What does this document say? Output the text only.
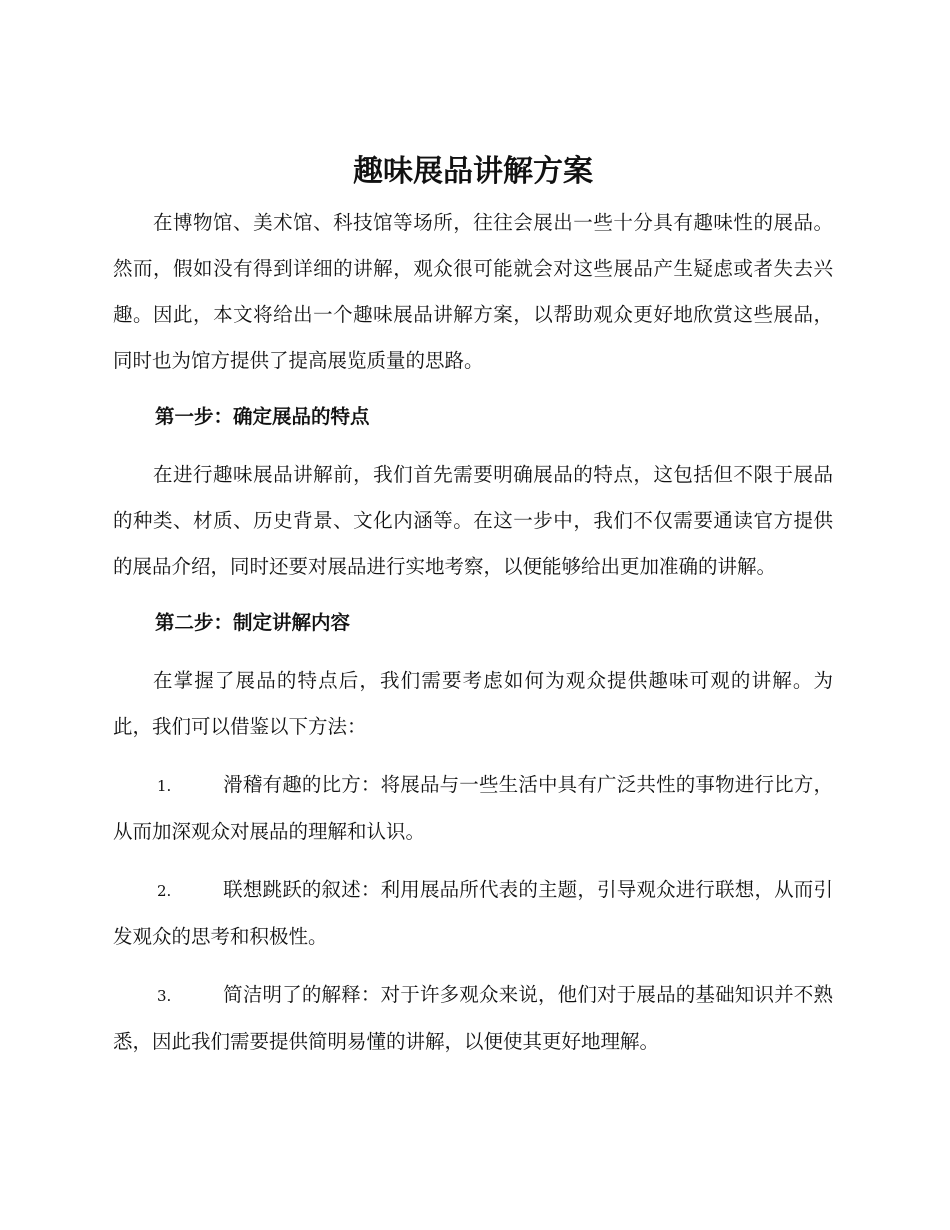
趣味展品讲解方案

在博物馆、美术馆、科技馆等场所，往往会展出一些十分具有趣味性的展品。然而，假如没有得到详细的讲解，观众很可能就会对这些展品产生疑虑或者失去兴趣。因此，本文将给出一个趣味展品讲解方案，以帮助观众更好地欣赏这些展品，同时也为馆方提供了提高展览质量的思路。

第一步：确定展品的特点

在进行趣味展品讲解前，我们首先需要明确展品的特点，这包括但不限于展品的种类、材质、历史背景、文化内涵等。在这一步中，我们不仅需要通读官方提供的展品介绍，同时还要对展品进行实地考察，以便能够给出更加准确的讲解。

第二步：制定讲解内容

在掌握了展品的特点后，我们需要考虑如何为观众提供趣味可观的讲解。为此，我们可以借鉴以下方法：

1.	滑稽有趣的比方：将展品与一些生活中具有广泛共性的事物进行比方，从而加深观众对展品的理解和认识。

2.	联想跳跃的叙述：利用展品所代表的主题，引导观众进行联想，从而引发观众的思考和积极性。

3.	简洁明了的解释：对于许多观众来说，他们对于展品的基础知识并不熟悉，因此我们需要提供简明易懂的讲解，以便使其更好地理解。
